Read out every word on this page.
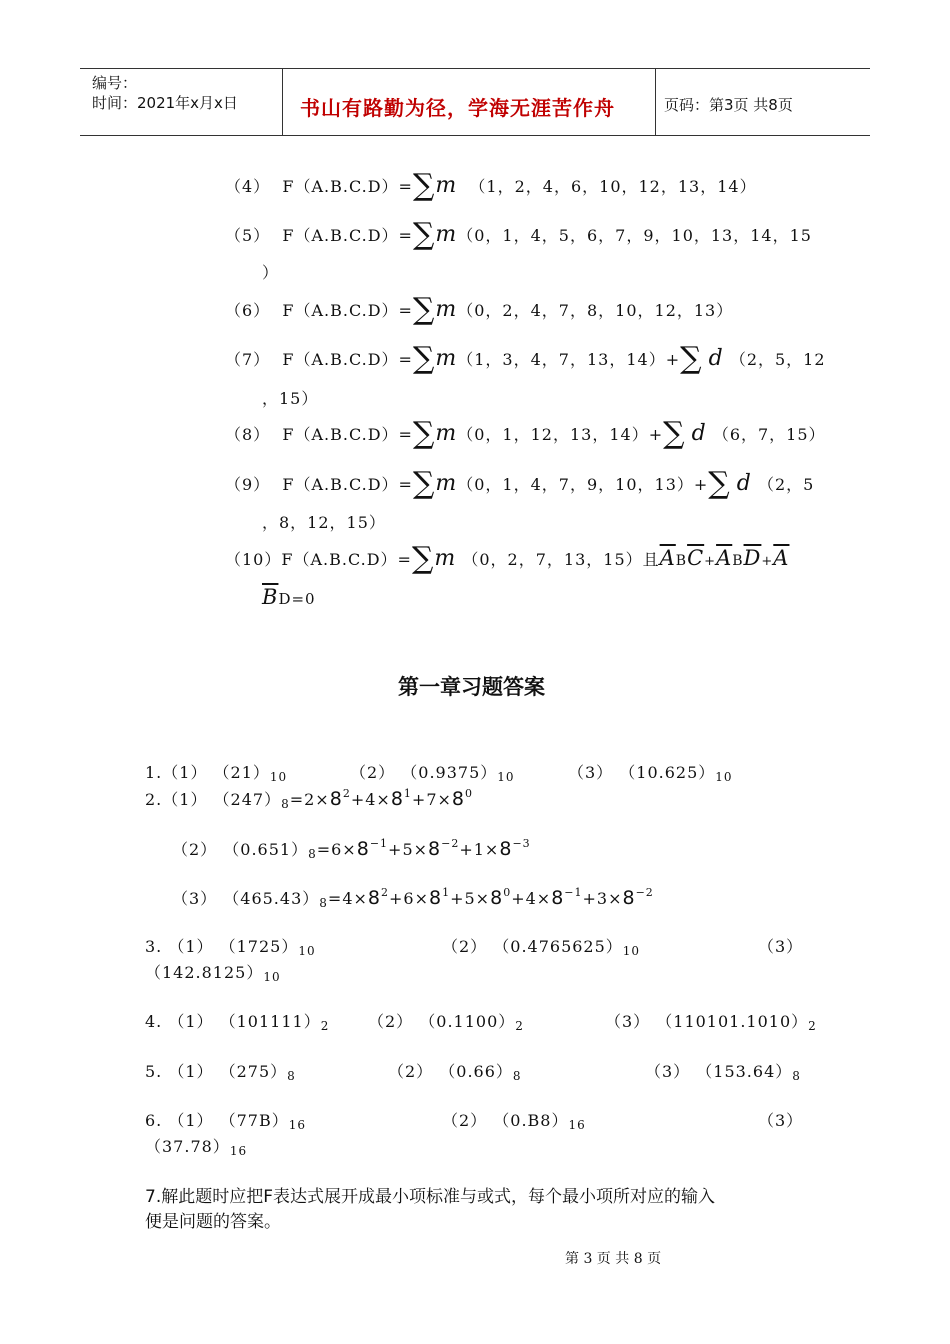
编号：
时间：2021年x月x日	书山有路勤为径，学海无涯苦作舟	页码：第3页 共8页
（4） F（A.B.C.D）=∑m （1，2，4，6，10，12，13，14）
（5） F（A.B.C.D）=∑m（0，1，4，5，6，7，9，10，13，14，15
）
（6） F（A.B.C.D）=∑m（0，2，4，7，8，10，12，13）
（7） F（A.B.C.D）=∑m（1，3，4，7，13，14）+∑ d （2，5，12
，15）
（8） F（A.B.C.D）=∑m（0，1，12，13，14）+∑ d （6，7，15）
（9） F（A.B.C.D）=∑m（0，1，4，7，9，10，13）+∑ d （2，5
，8，12，15）
（10）F（A.B.C.D）=∑m （0，2，7，13，15）且$\overline{A}B\overline{C}+\overline{A}B\overline{D}+\overline{A}$
$\overline{B}D=0$
第一章习题答案
1.（1） $(21)_{10}$	（2） $(0.9375)_{10}$	（3） $(10.625)_{10}$
2.（1） $(247)_8=2\times 8^2+4\times 8^1+7\times 8^0$
（2） $(0.651)_8=6\times 8^{-1}+5\times 8^{-2}+1\times 8^{-3}$
（3） $(465.43)_8=4\times 8^2+6\times 8^1+5\times 8^0+4\times 8^{-1}+3\times 8^{-2}$
3. （1） $(1725)_{10}$	（2） $(0.4765625)_{10}$	（3）
$(142.8125)_{10}$
4. （1） $(101111)_2$ （2） $(0.1100)_2$	（3） $(110101.1010)_2$
5. （1） $(275)_8$	（2） $(0.66)_8$	（3） $(153.64)_8$
6. （1） $(77B)_{16}$	（2） $(0.B8)_{16}$	（3）
$(37.78)_{16}$
7.解此题时应把F表达式展开成最小项标准与或式，每个最小项所对应的输入
便是问题的答案。
第 3 页 共 8 页
